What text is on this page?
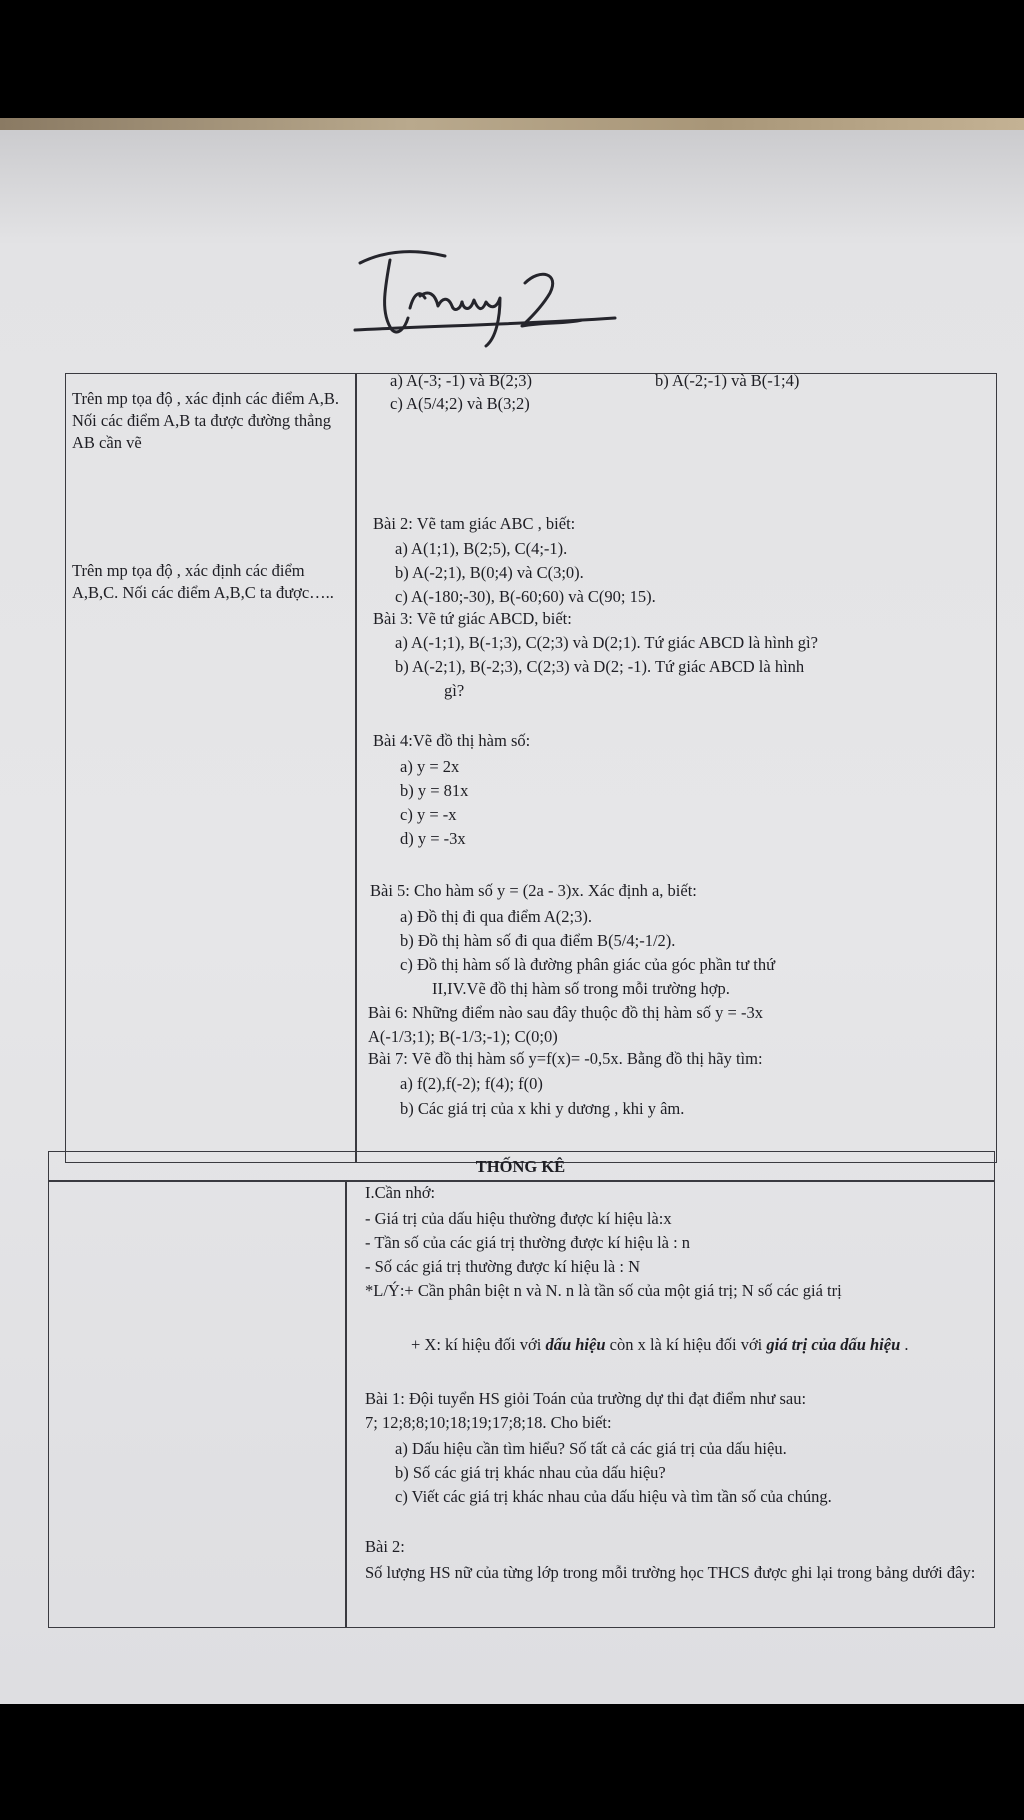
Trên mp tọa độ , xác định các điểm A,B. Nối các điểm A,B ta được đường thẳng AB cần vẽ
Trên mp tọa độ , xác định các điểm A,B,C. Nối các điểm A,B,C ta được…..
a) A(-3; -1) và B(2;3)	b) A(-2;-1) và B(-1;4)
c) A(5/4;2) và B(3;2)
Bài 2: Vẽ tam giác ABC , biết:
a) A(1;1), B(2;5), C(4;-1).
b) A(-2;1), B(0;4) và C(3;0).
c) A(-180;-30), B(-60;60) và C(90; 15).
Bài 3: Vẽ tứ giác ABCD, biết:
a) A(-1;1), B(-1;3), C(2;3) và D(2;1). Tứ giác ABCD là hình gì?
b) A(-2;1), B(-2;3), C(2;3) và D(2; -1). Tứ giác ABCD là hình
gì?
Bài 4:Vẽ đồ thị hàm số:
a) y = 2x
b) y = 81x
c) y = -x
d) y = -3x
Bài 5: Cho hàm số y = (2a - 3)x. Xác định a, biết:
a) Đồ thị đi qua điểm A(2;3).
b) Đồ thị hàm số đi qua điểm B(5/4;-1/2).
c) Đồ thị hàm số là đường phân giác của góc phần tư thứ
II,IV.Vẽ đồ thị hàm số trong mỗi trường hợp.
Bài 6: Những điểm nào sau đây thuộc đồ thị hàm số y = -3x
A(-1/3;1); B(-1/3;-1); C(0;0)
Bài 7: Vẽ đồ thị hàm số y=f(x)= -0,5x. Bằng đồ thị hãy tìm:
a) f(2),f(-2); f(4); f(0)
b) Các giá trị của x khi y dương , khi y âm.
THỐNG KÊ
I.Cần nhớ:
- Giá trị của dấu hiệu thường được kí hiệu là:x
- Tần số của các giá trị thường được kí hiệu là : n
- Số các giá trị thường được kí hiệu là : N
*L/Ý:+ Cần phân biệt n và N. n là tần số của một giá trị; N số các giá trị
+ X: kí hiệu đối với dấu hiệu còn x là kí hiệu đối với giá trị của dấu hiệu .
Bài 1: Đội tuyển HS giỏi Toán của trường dự thi đạt điểm như sau:
7; 12;8;8;10;18;19;17;8;18. Cho biết:
a) Dấu hiệu cần tìm hiểu? Số tất cả các giá trị của dấu hiệu.
b) Số các giá trị khác nhau của dấu hiệu?
c) Viết các giá trị khác nhau của dấu hiệu và tìm tần số của chúng.
Bài 2:
Số lượng HS nữ của từng lớp trong mỗi trường học THCS được ghi lại trong bảng dưới đây:
